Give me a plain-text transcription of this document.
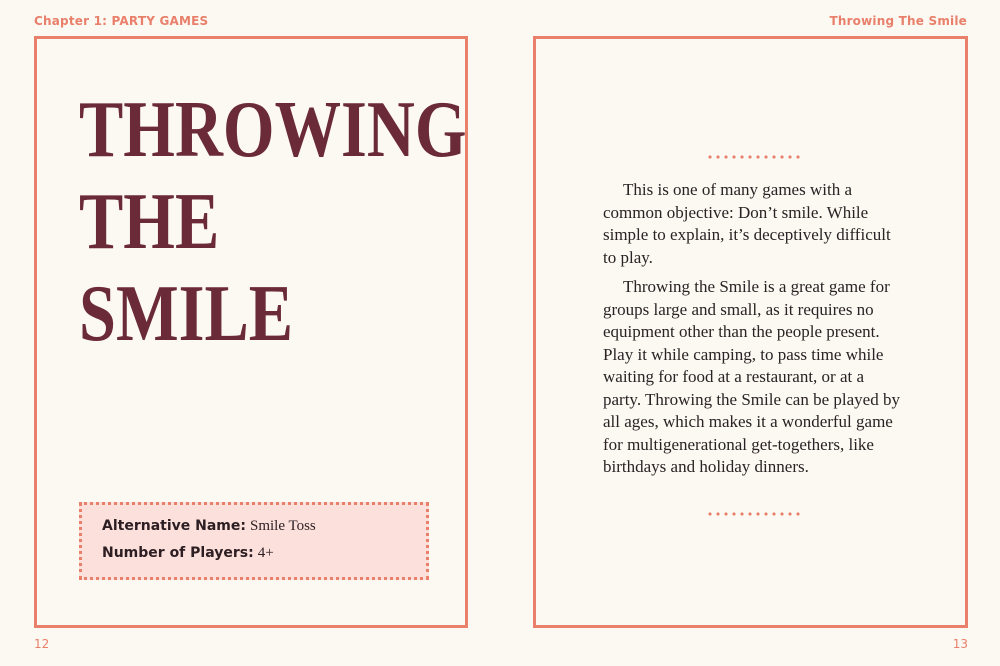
Chapter 1: PARTY GAMES	Throwing The Smile
THROWING
THE
SMILE
Alternative Name: Smile Toss
Number of Players: 4+

This is one of many games with a common objective: Don’t smile. While simple to explain, it’s deceptively difficult to play.

Throwing the Smile is a great game for groups large and small, as it requires no equipment other than the people present. Play it while camping, to pass time while waiting for food at a restaurant, or at a party. Throwing the Smile can be played by all ages, which makes it a wonderful game for multigenerational get-togethers, like birthdays and holiday dinners.

12	13
